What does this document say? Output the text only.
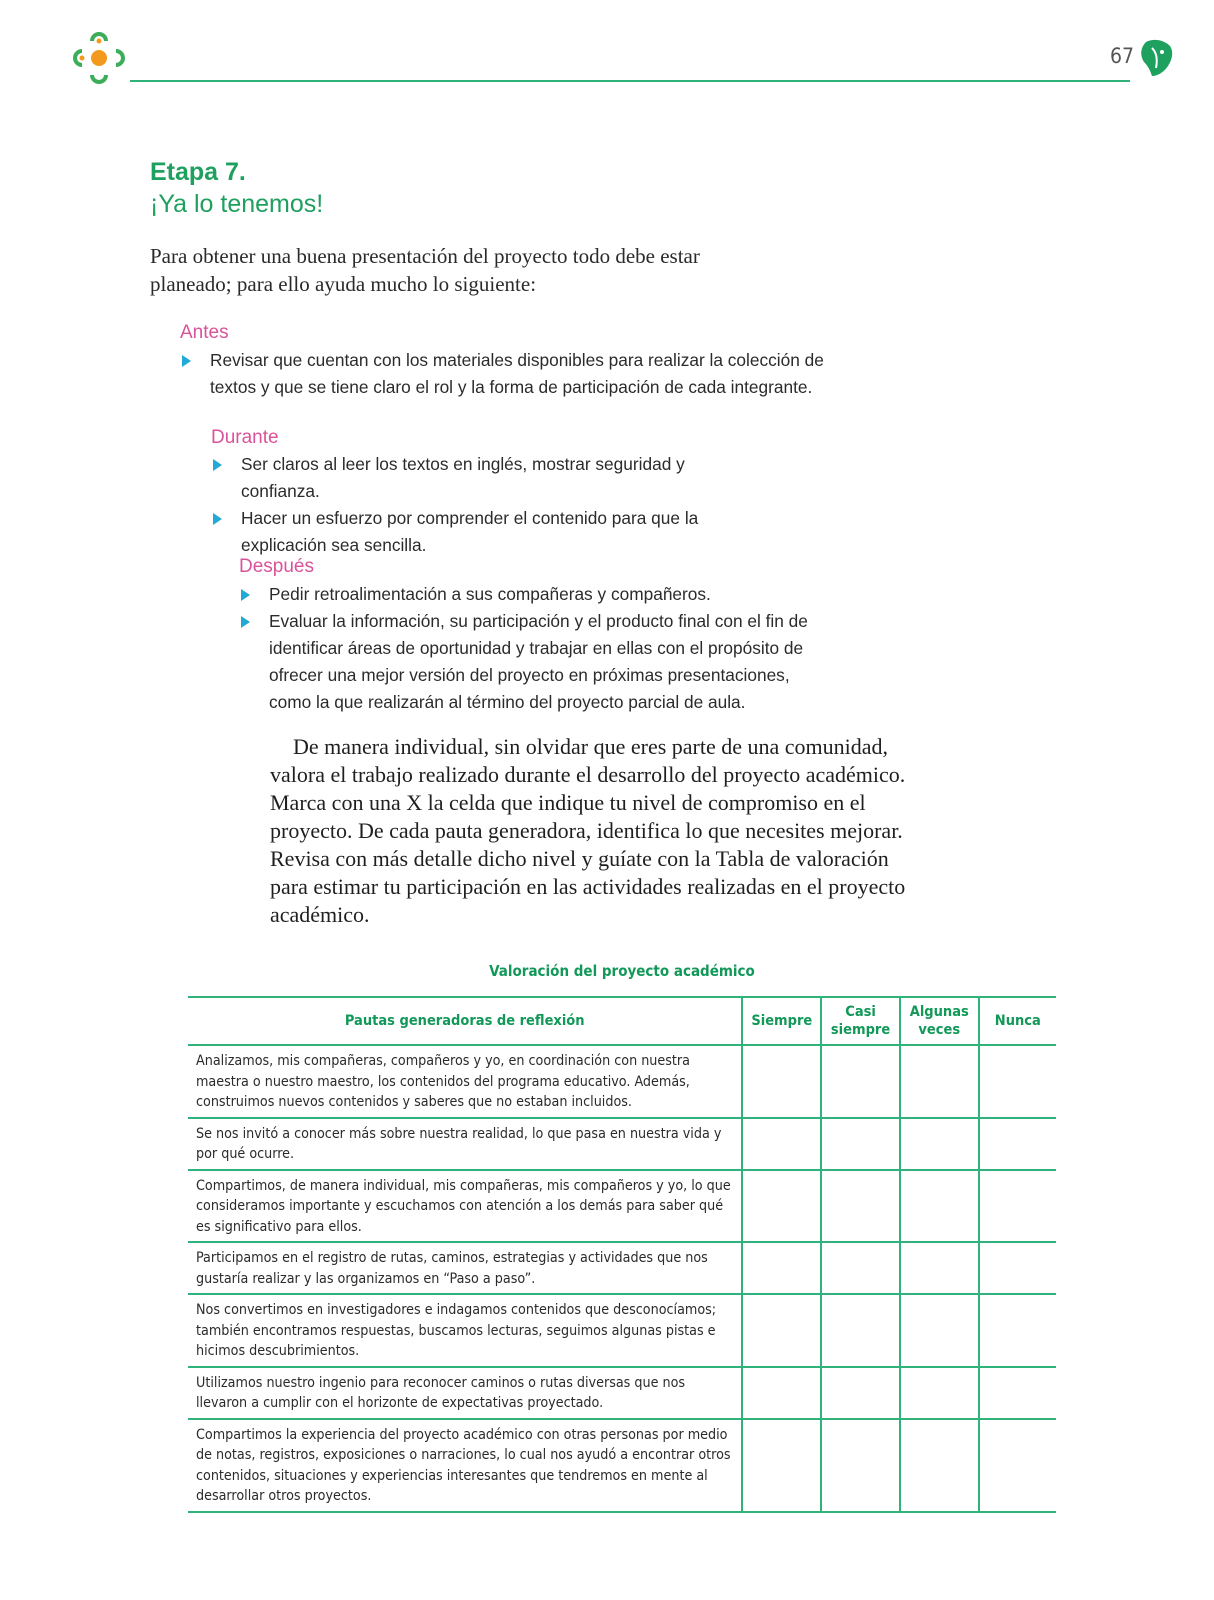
67
Etapa 7.
¡Ya lo tenemos!

Para obtener una buena presentación del proyecto todo debe estar planeado; para ello ayuda mucho lo siguiente:

Antes
Revisar que cuentan con los materiales disponibles para realizar la colección de textos y que se tiene claro el rol y la forma de participación de cada integrante.
Durante
Ser claros al leer los textos en inglés, mostrar seguridad y confianza.
Hacer un esfuerzo por comprender el contenido para que la explicación sea sencilla.
Después
Pedir retroalimentación a sus compañeras y compañeros.
Evaluar la información, su participación y el producto final con el fin de identificar áreas de oportunidad y trabajar en ellas con el propósito de ofrecer una mejor versión del proyecto en próximas presentaciones, como la que realizarán al término del proyecto parcial de aula.

De manera individual, sin olvidar que eres parte de una comunidad, valora el trabajo realizado durante el desarrollo del proyecto académico. Marca con una X la celda que indique tu nivel de compromiso en el proyecto. De cada pauta generadora, identifica lo que necesites mejorar. Revisa con más detalle dicho nivel y guíate con la Tabla de valoración para estimar tu participación en las actividades realizadas en el proyecto académico.

Valoración del proyecto académico
Pautas generadoras de reflexión	Siempre	Casi siempre	Algunas veces	Nunca
Analizamos, mis compañeras, compañeros y yo, en coordinación con nuestra maestra o nuestro maestro, los contenidos del programa educativo. Además, construimos nuevos contenidos y saberes que no estaban incluidos.				
Se nos invitó a conocer más sobre nuestra realidad, lo que pasa en nuestra vida y por qué ocurre.				
Compartimos, de manera individual, mis compañeras, mis compañeros y yo, lo que consideramos importante y escuchamos con atención a los demás para saber qué es significativo para ellos.				
Participamos en el registro de rutas, caminos, estrategias y actividades que nos gustaría realizar y las organizamos en “Paso a paso”.				
Nos convertimos en investigadores e indagamos contenidos que desconocíamos; también encontramos respuestas, buscamos lecturas, seguimos algunas pistas e hicimos descubrimientos.				
Utilizamos nuestro ingenio para reconocer caminos o rutas diversas que nos llevaron a cumplir con el horizonte de expectativas proyectado.				
Compartimos la experiencia del proyecto académico con otras personas por medio de notas, registros, exposiciones o narraciones, lo cual nos ayudó a encontrar otros contenidos, situaciones y experiencias interesantes que tendremos en mente al desarrollar otros proyectos.				
